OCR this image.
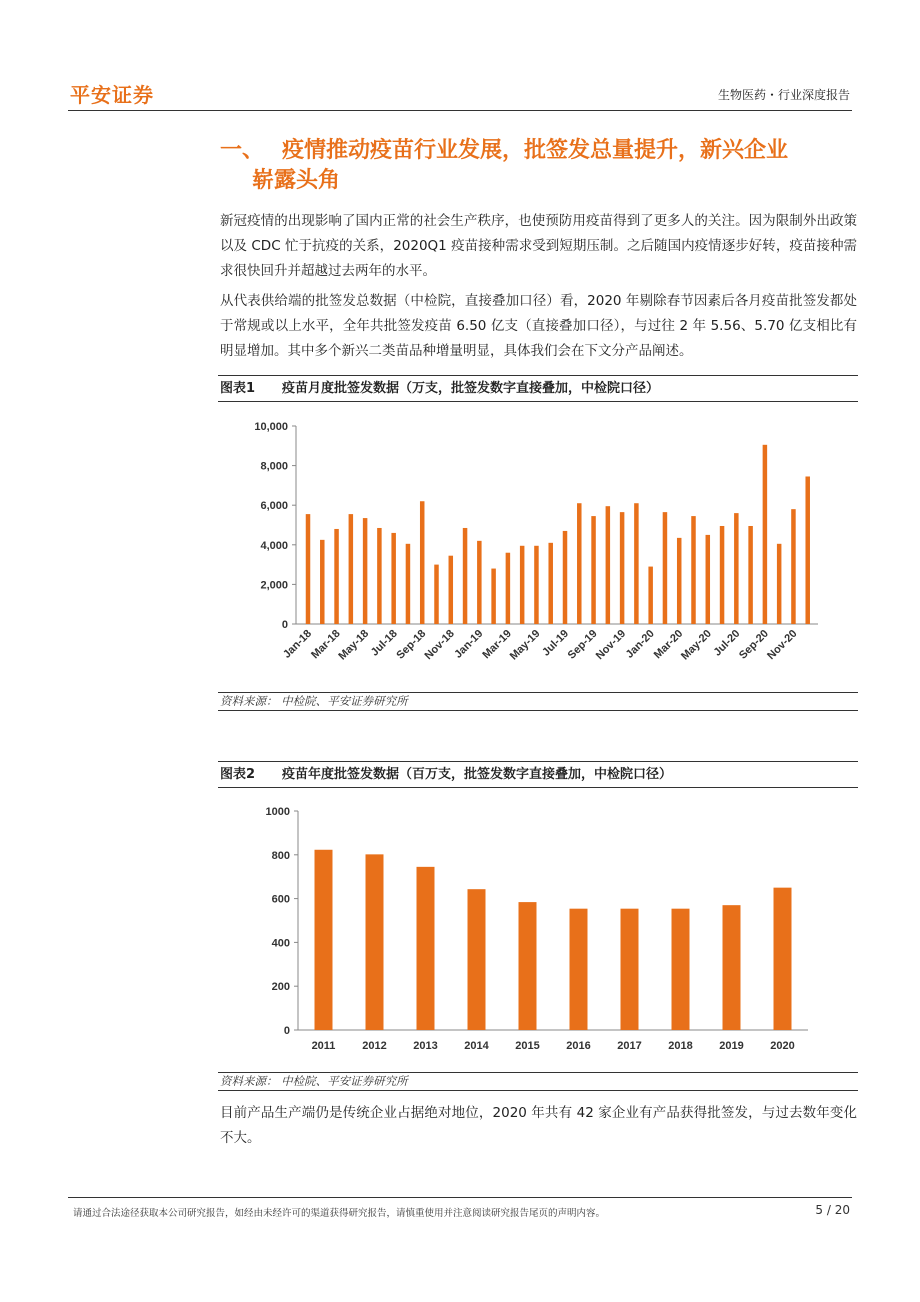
平安证券	生物医药・行业深度报告
一、 疫情推动疫苗行业发展，批签发总量提升，新兴企业
崭露头角
新冠疫情的出现影响了国内正常的社会生产秩序，也使预防用疫苗得到了更多人的关注。因为限制外出政策以及 CDC 忙于抗疫的关系，2020Q1 疫苗接种需求受到短期压制。之后随国内疫情逐步好转，疫苗接种需求很快回升并超越过去两年的水平。
从代表供给端的批签发总数据（中检院，直接叠加口径）看，2020 年剔除春节因素后各月疫苗批签发都处于常规或以上水平，全年共批签发疫苗 6.50 亿支（直接叠加口径），与过往 2 年 5.56、5.70 亿支相比有明显增加。其中多个新兴二类苗品种增量明显，具体我们会在下文分产品阐述。
图表1 疫苗月度批签发数据（万支，批签发数字直接叠加，中检院口径）
0
2,000
4,000
6,000
8,000
10,000
Jan-18
Mar-18
May-18
Jul-18
Sep-18
Nov-18
Jan-19
Mar-19
May-19
Jul-19
Sep-19
Nov-19
Jan-20
Mar-20
May-20
Jul-20
Sep-20
Nov-20
资料来源： 中检院、平安证券研究所
图表2 疫苗年度批签发数据（百万支，批签发数字直接叠加，中检院口径）
0
200
400
600
800
1000
2011 2012 2013 2014 2015 2016 2017 2018 2019 2020
资料来源： 中检院、平安证券研究所
目前产品生产端仍是传统企业占据绝对地位，2020 年共有 42 家企业有产品获得批签发，与过去数年变化不大。
请通过合法途径获取本公司研究报告，如经由未经许可的渠道获得研究报告，请慎重使用并注意阅读研究报告尾页的声明内容。	5 / 20
